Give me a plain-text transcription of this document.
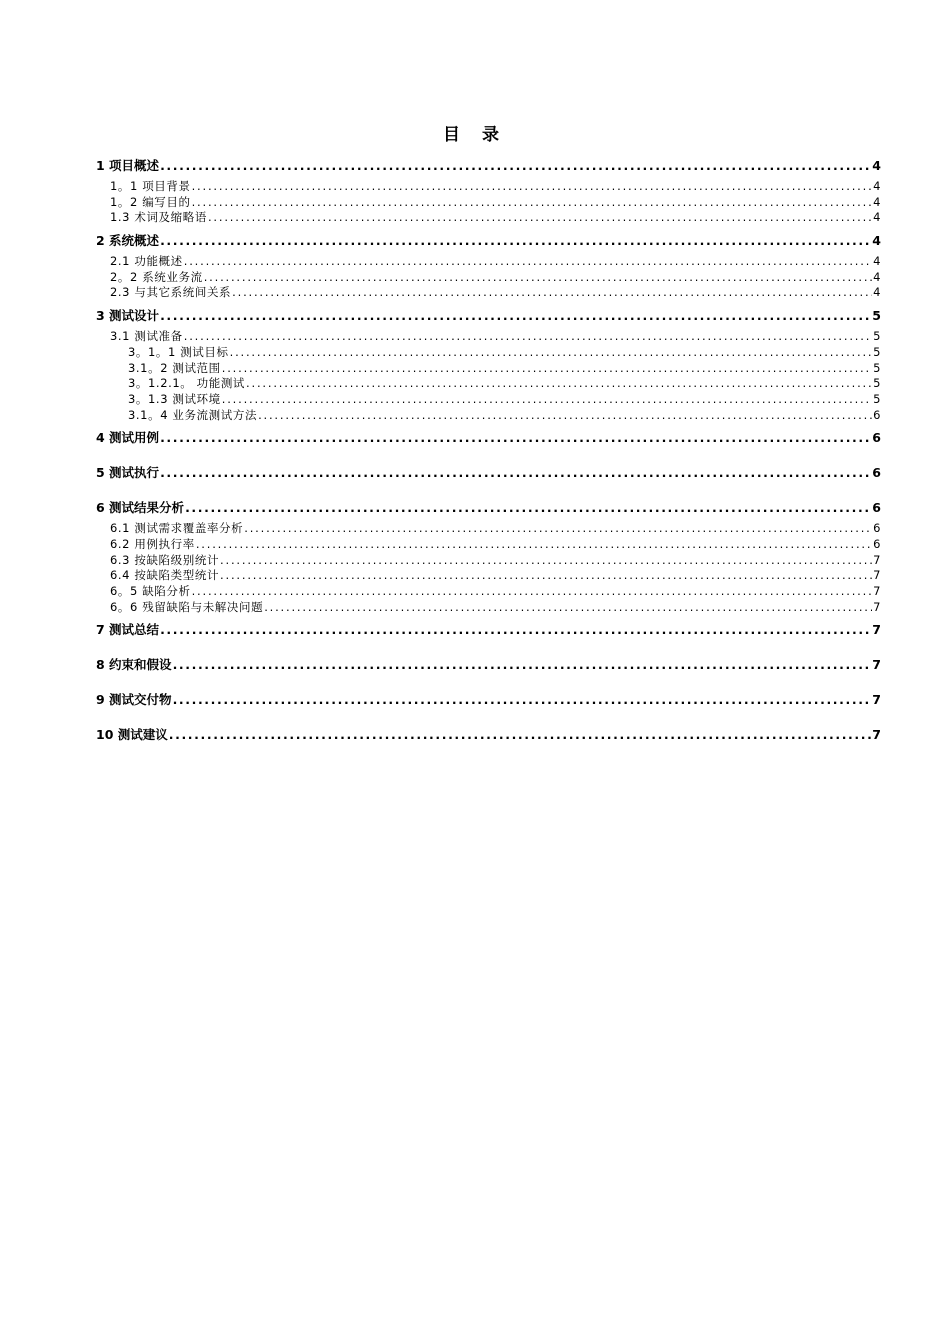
目 录
1 项目概述 .....	4
1。1 项目背景 .....	4
1。2 编写目的 .....	4
1.3 术词及缩略语 .....	4
2 系统概述 .....	4
2.1 功能概述 .....	4
2。2 系统业务流 .....	4
2.3 与其它系统间关系 .....	4
3 测试设计 .....	5
3.1 测试准备 .....	5
3。1。1 测试目标 .....	5
3.1。2 测试范围 .....	5
3。1.2.1。 功能测试 .....	5
3。1.3 测试环境 .....	5
3.1。4 业务流测试方法 .....	6
4 测试用例 .....	6
5 测试执行 .....	6
6 测试结果分析 .....	6
6.1 测试需求覆盖率分析 .....	6
6.2 用例执行率 .....	6
6.3 按缺陷级别统计 .....	7
6.4 按缺陷类型统计 .....	7
6。5 缺陷分析 .....	7
6。6 残留缺陷与未解决问题 .....	7
7 测试总结 .....	7
8 约束和假设 .....	7
9 测试交付物 .....	7
10 测试建议 .....	7
